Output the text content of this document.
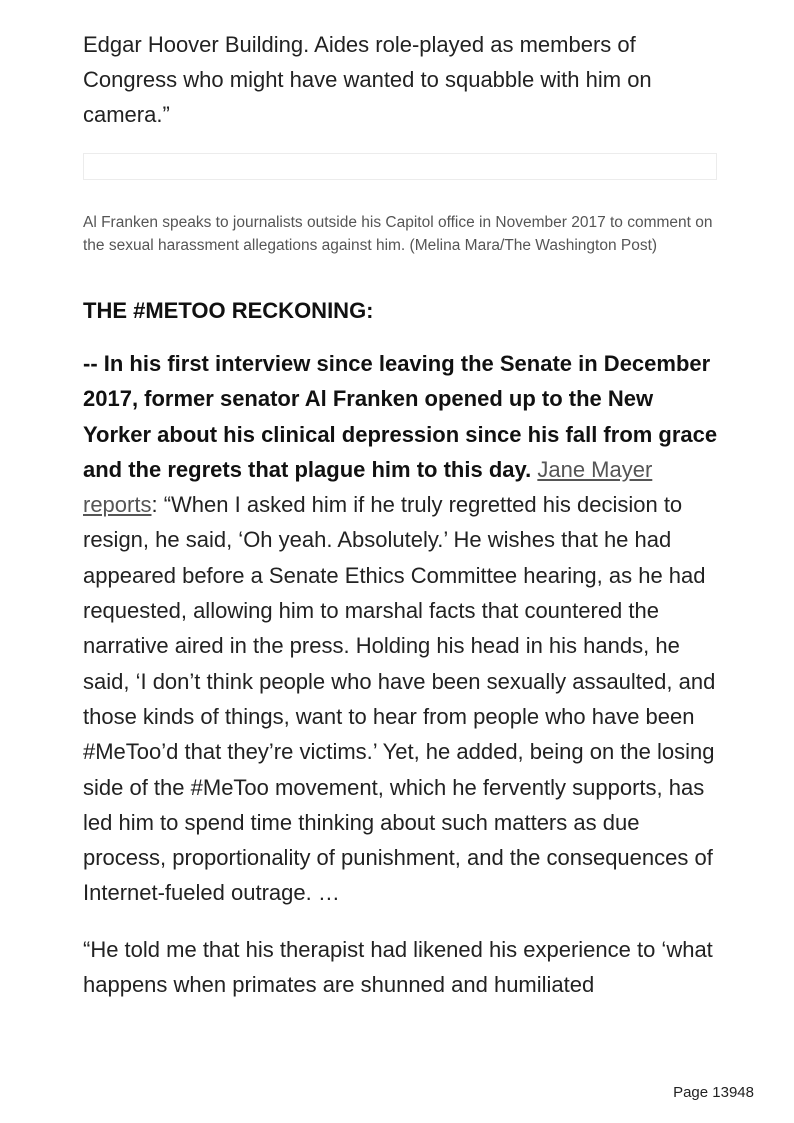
Edgar Hoover Building. Aides role-played as members of Congress who might have wanted to squabble with him on camera.”

Al Franken speaks to journalists outside his Capitol office in November 2017 to comment on the sexual harassment allegations against him. (Melina Mara/The Washington Post)

THE #METOO RECKONING:

-- In his first interview since leaving the Senate in December 2017, former senator Al Franken opened up to the New Yorker about his clinical depression since his fall from grace and the regrets that plague him to this day. Jane Mayer reports: “When I asked him if he truly regretted his decision to resign, he said, ‘Oh yeah. Absolutely.’ He wishes that he had appeared before a Senate Ethics Committee hearing, as he had requested, allowing him to marshal facts that countered the narrative aired in the press. Holding his head in his hands, he said, ‘I don’t think people who have been sexually assaulted, and those kinds of things, want to hear from people who have been #MeToo’d that they’re victims.’ Yet, he added, being on the losing side of the #MeToo movement, which he fervently supports, has led him to spend time thinking about such matters as due process, proportionality of punishment, and the consequences of Internet-fueled outrage. …

“He told me that his therapist had likened his experience to ‘what happens when primates are shunned and humiliated

Page 13948
